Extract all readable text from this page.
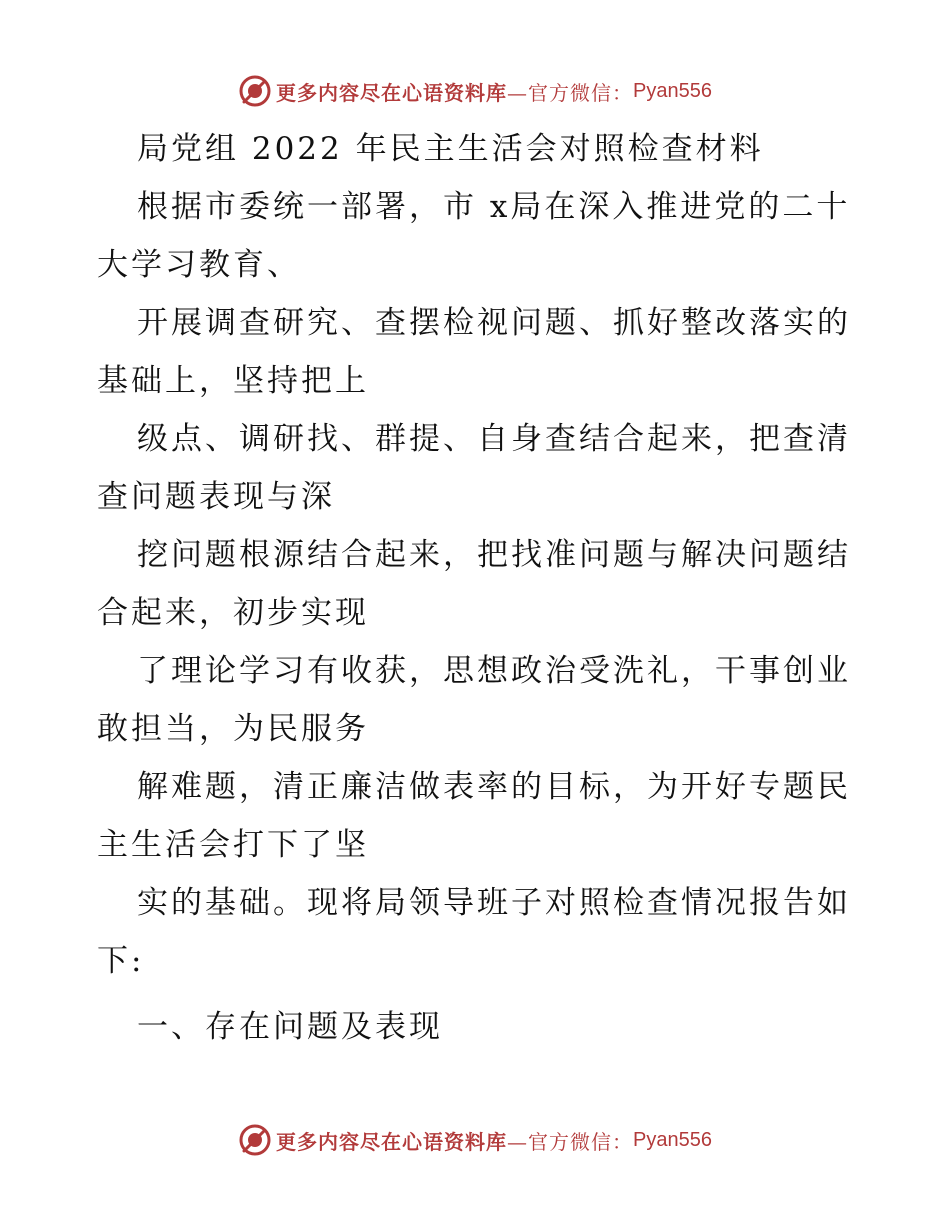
更多内容尽在心语资料库 —官方微信： Pyan556

局党组 2022 年民主生活会对照检查材料

根据市委统一部署，市 x局在深入推进党的二十大学习教育、

开展调查研究、查摆检视问题、抓好整改落实的基础上，坚持把上

级点、调研找、群提、自身查结合起来，把查清查问题表现与深

挖问题根源结合起来，把找准问题与解决问题结合起来，初步实现

了理论学习有收获，思想政治受洗礼，干事创业敢担当，为民服务

解难题，清正廉洁做表率的目标，为开好专题民主生活会打下了坚

实的基础。现将局领导班子对照检查情况报告如下:

一、存在问题及表现

更多内容尽在心语资料库 —官方微信： Pyan556
